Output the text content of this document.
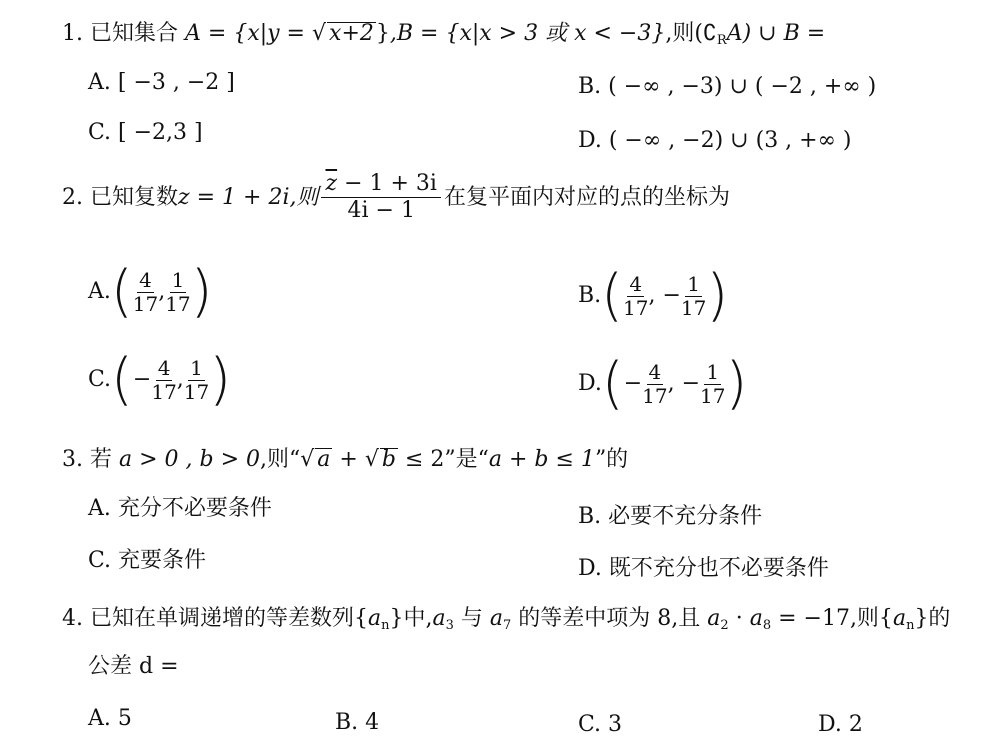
1. 已知集合 A = {x|y = √ x+2},B = {x|x > 3 或 x < −3},则$(∁_RA)$ ∪ B =
A. [ −3 , −2 ]	B. ( −∞ , −3) ∪ ( −2 , +∞ )
C. [ −2,3 ]	D. ( −∞ , −2) ∪ (3 , +∞ )
2.
已知复数 z = 1 + 2i,则 $\frac{\overline{z} - 1 + 3i}{4i - 1}$ 在复平面内对应的点的坐标为
A. ( $\frac{4}{17}$ , $\frac{1}{17}$ )	B. ( $\frac{4}{17}$ , − $\frac{1}{17}$ )
C. ( − $\frac{4}{17}$ , $\frac{1}{17}$ )	D. ( − $\frac{4}{17}$ , − $\frac{1}{17}$ )
3. 若 a > 0 , b > 0,则“√ a + √ b ≤ 2”是“a + b ≤ 1”的
A. 充分不必要条件	B. 必要不充分条件
C. 充要条件	D. 既不充分也不必要条件
4. 已知在单调递增的等差数列$\{a_n\}$中$,a_3$ 与 $a_7$ 的等差中项为 8,且 $a_2 \cdot a_8 = -17$,则$\{a_n\}$的
公差 d =
A. 5	B. 4	C. 3	D. 2
